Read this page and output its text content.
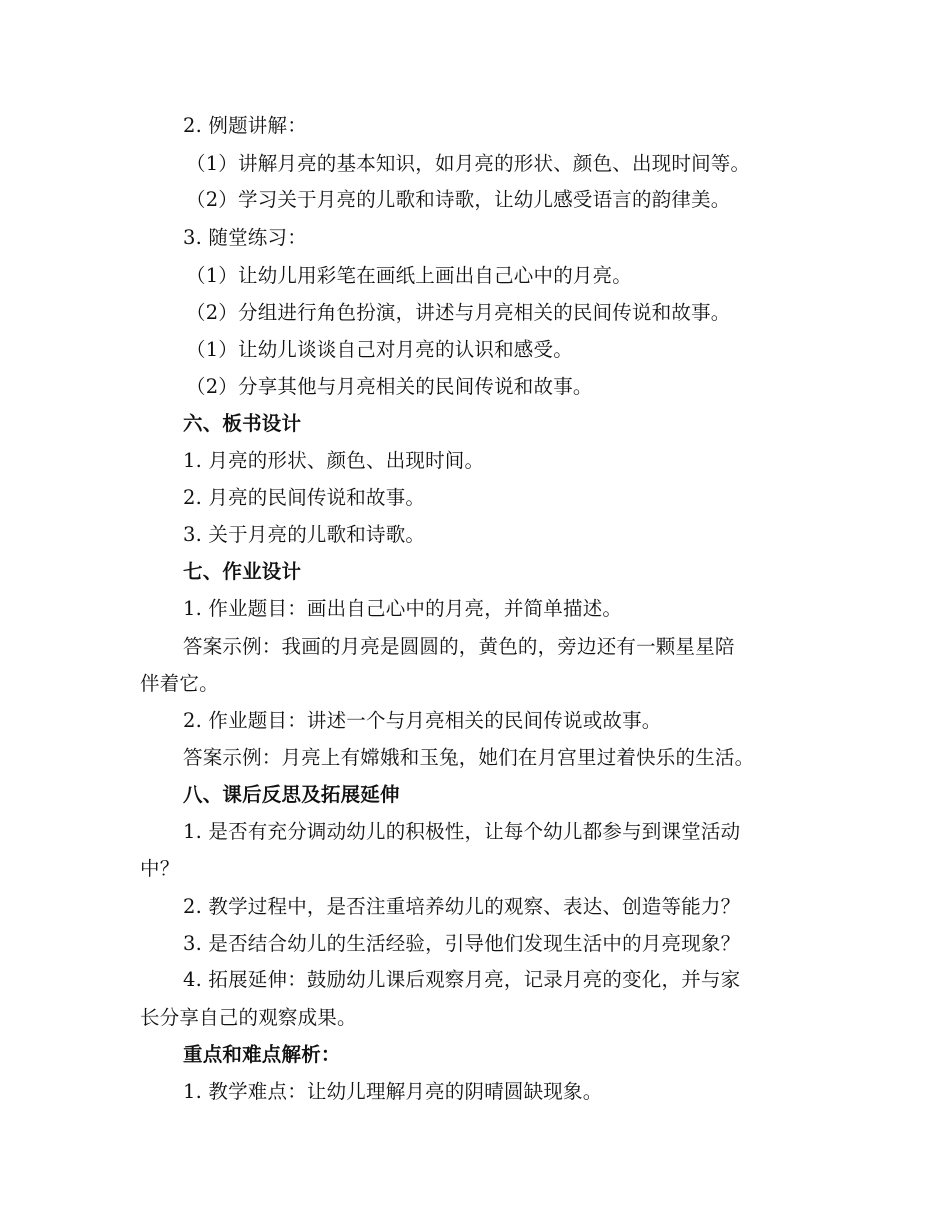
2. 例题讲解：
（1）讲解月亮的基本知识，如月亮的形状、颜色、出现时间等。
（2）学习关于月亮的儿歌和诗歌，让幼儿感受语言的韵律美。
3. 随堂练习：
（1）让幼儿用彩笔在画纸上画出自己心中的月亮。
（2）分组进行角色扮演，讲述与月亮相关的民间传说和故事。
（1）让幼儿谈谈自己对月亮的认识和感受。
（2）分享其他与月亮相关的民间传说和故事。
六、板书设计
1. 月亮的形状、颜色、出现时间。
2. 月亮的民间传说和故事。
3. 关于月亮的儿歌和诗歌。
七、作业设计
1. 作业题目：画出自己心中的月亮，并简单描述。
答案示例：我画的月亮是圆圆的，黄色的，旁边还有一颗星星陪
伴着它。
2. 作业题目：讲述一个与月亮相关的民间传说或故事。
答案示例：月亮上有嫦娥和玉兔，她们在月宫里过着快乐的生活。
八、课后反思及拓展延伸
1. 是否有充分调动幼儿的积极性，让每个幼儿都参与到课堂活动
中？
2. 教学过程中，是否注重培养幼儿的观察、表达、创造等能力？
3. 是否结合幼儿的生活经验，引导他们发现生活中的月亮现象？
4. 拓展延伸：鼓励幼儿课后观察月亮，记录月亮的变化，并与家
长分享自己的观察成果。
重点和难点解析：
1. 教学难点：让幼儿理解月亮的阴晴圆缺现象。
